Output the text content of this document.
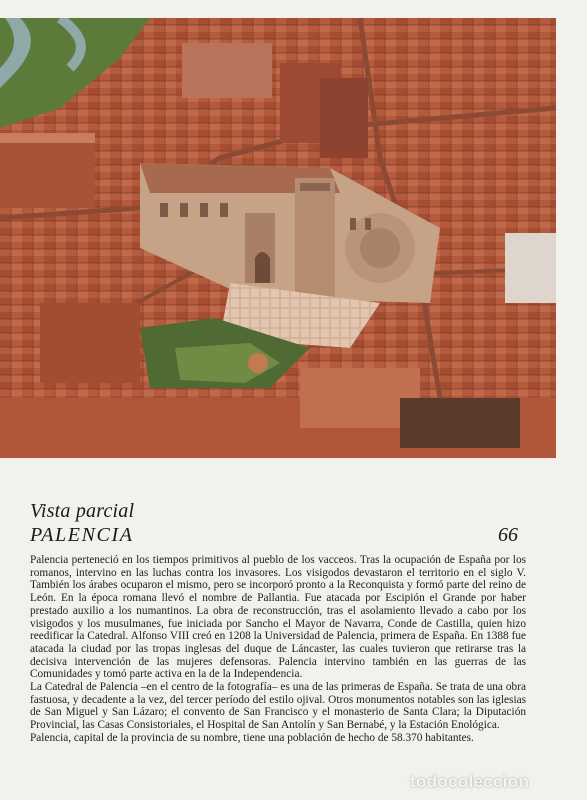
Vista parcial
PALENCIA	66

Palencia perteneció en los tiempos primitivos al pueblo de los vacceos. Tras la ocupación de España por los romanos, intervino en las luchas contra los invasores. Los visigodos devastaron el territorio en el siglo V. También los árabes ocuparon el mismo, pero se incorporó pronto a la Reconquista y formó parte del reino de León. En la época romana llevó el nombre de Pallantia. Fue atacada por Escipión el Grande por haber prestado auxilio a los numantinos. La obra de reconstrucción, tras el asolamiento llevado a cabo por los visigodos y los musulmanes, fue iniciada por Sancho el Mayor de Navarra, Conde de Castilla, quien hizo reedificar la Catedral. Alfonso VIII creó en 1208 la Universidad de Palencia, primera de España. En 1388 fue atacada la ciudad por las tropas inglesas del duque de Láncaster, las cuales tuvieron que retirarse tras la decisiva intervención de las mujeres defensoras. Palencia intervino también en las guerras de las Comunidades y tomó parte activa en la de la Independencia.

La Catedral de Palencia –en el centro de la fotografía– es una de las primeras de España. Se trata de una obra fastuosa, y decadente a la vez, del tercer período del estilo ojival. Otros monumentos notables son las iglesias de San Miguel y San Lázaro; el convento de San Francisco y el monasterio de Santa Clara; la Diputación Provincial, las Casas Consistoriales, el Hospital de San Antolín y San Bernabé, y la Estación Enológica.

Palencia, capital de la provincia de su nombre, tiene una población de hecho de 58.370 habitantes.

todocoleccion
